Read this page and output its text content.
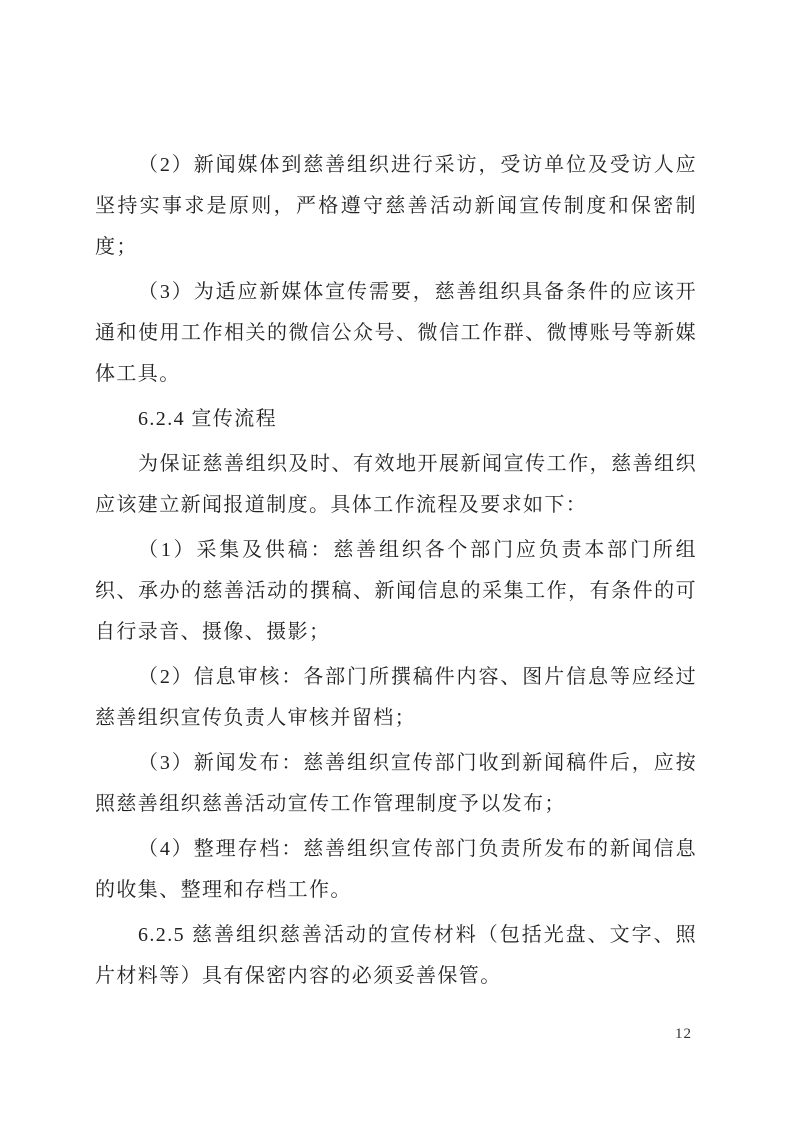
（2）新闻媒体到慈善组织进行采访，受访单位及受访人应坚持实事求是原则，严格遵守慈善活动新闻宣传制度和保密制度；

（3）为适应新媒体宣传需要，慈善组织具备条件的应该开通和使用工作相关的微信公众号、微信工作群、微博账号等新媒体工具。

6.2.4 宣传流程

为保证慈善组织及时、有效地开展新闻宣传工作，慈善组织应该建立新闻报道制度。具体工作流程及要求如下：

（1）采集及供稿：慈善组织各个部门应负责本部门所组织、承办的慈善活动的撰稿、新闻信息的采集工作，有条件的可自行录音、摄像、摄影；

（2）信息审核：各部门所撰稿件内容、图片信息等应经过慈善组织宣传负责人审核并留档；

（3）新闻发布：慈善组织宣传部门收到新闻稿件后，应按照慈善组织慈善活动宣传工作管理制度予以发布；

（4）整理存档：慈善组织宣传部门负责所发布的新闻信息的收集、整理和存档工作。

6.2.5 慈善组织慈善活动的宣传材料（包括光盘、文字、照片材料等）具有保密内容的必须妥善保管。

12
